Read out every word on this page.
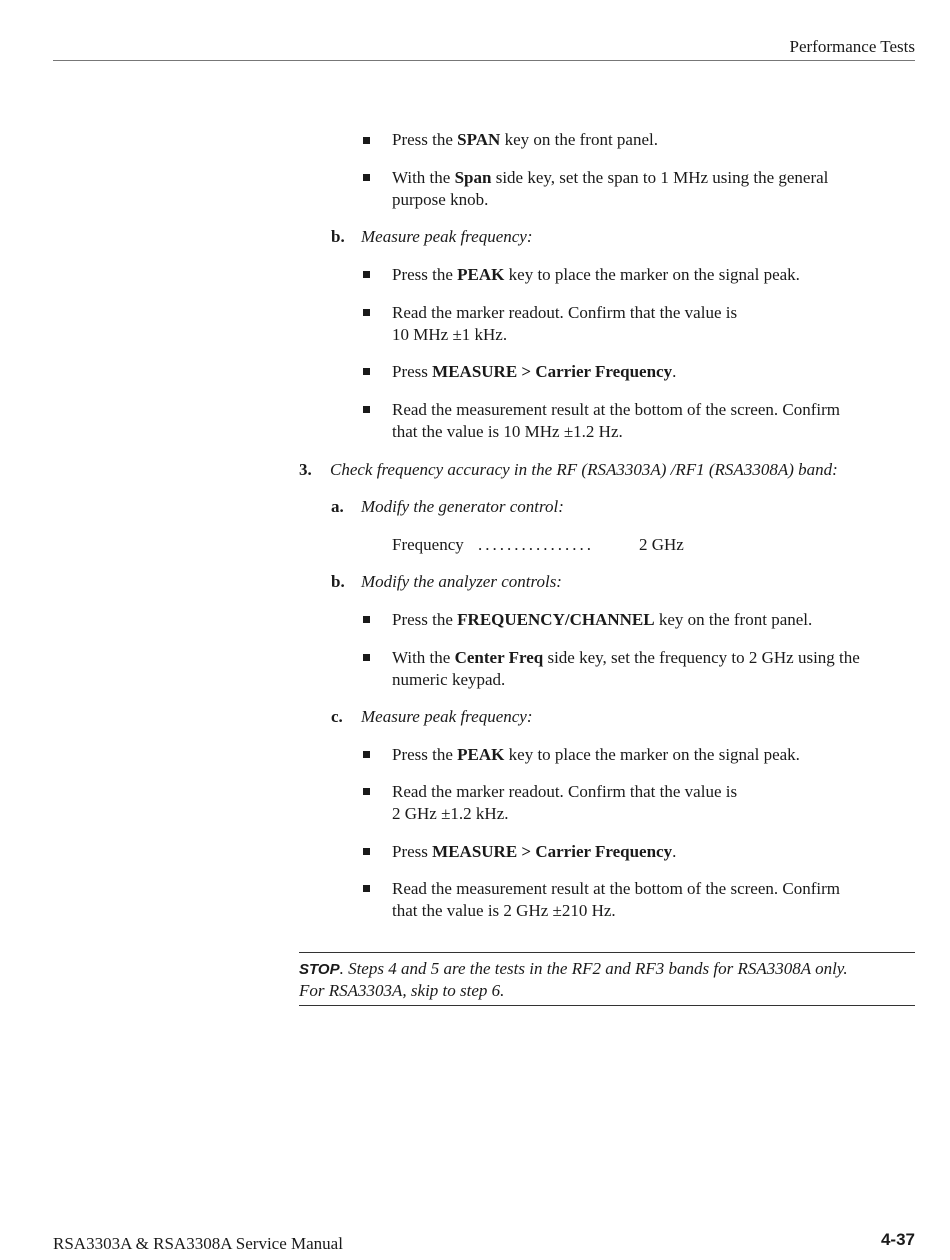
Performance Tests
Press the SPAN key on the front panel.
With the Span side key, set the span to 1 MHz using the general
purpose knob.
b. Measure peak frequency:
Press the PEAK key to place the marker on the signal peak.
Read the marker readout. Confirm that the value is
10 MHz ±1 kHz.
Press MEASURE > Carrier Frequency.
Read the measurement result at the bottom of the screen. Confirm
that the value is 10 MHz ±1.2 Hz.
3. Check frequency accuracy in the RF (RSA3303A) /RF1 (RSA3308A) band:
a. Modify the generator control:
Frequency ................	2 GHz
b. Modify the analyzer controls:
Press the FREQUENCY/CHANNEL key on the front panel.
With the Center Freq side key, set the frequency to 2 GHz using the
numeric keypad.
c. Measure peak frequency:
Press the PEAK key to place the marker on the signal peak.
Read the marker readout. Confirm that the value is
2 GHz ±1.2 kHz.
Press MEASURE > Carrier Frequency.
Read the measurement result at the bottom of the screen. Confirm
that the value is 2 GHz ±210 Hz.
STOP. Steps 4 and 5 are the tests in the RF2 and RF3 bands for RSA3308A only.
For RSA3303A, skip to step 6.
RSA3303A & RSA3308A Service Manual	4-37
